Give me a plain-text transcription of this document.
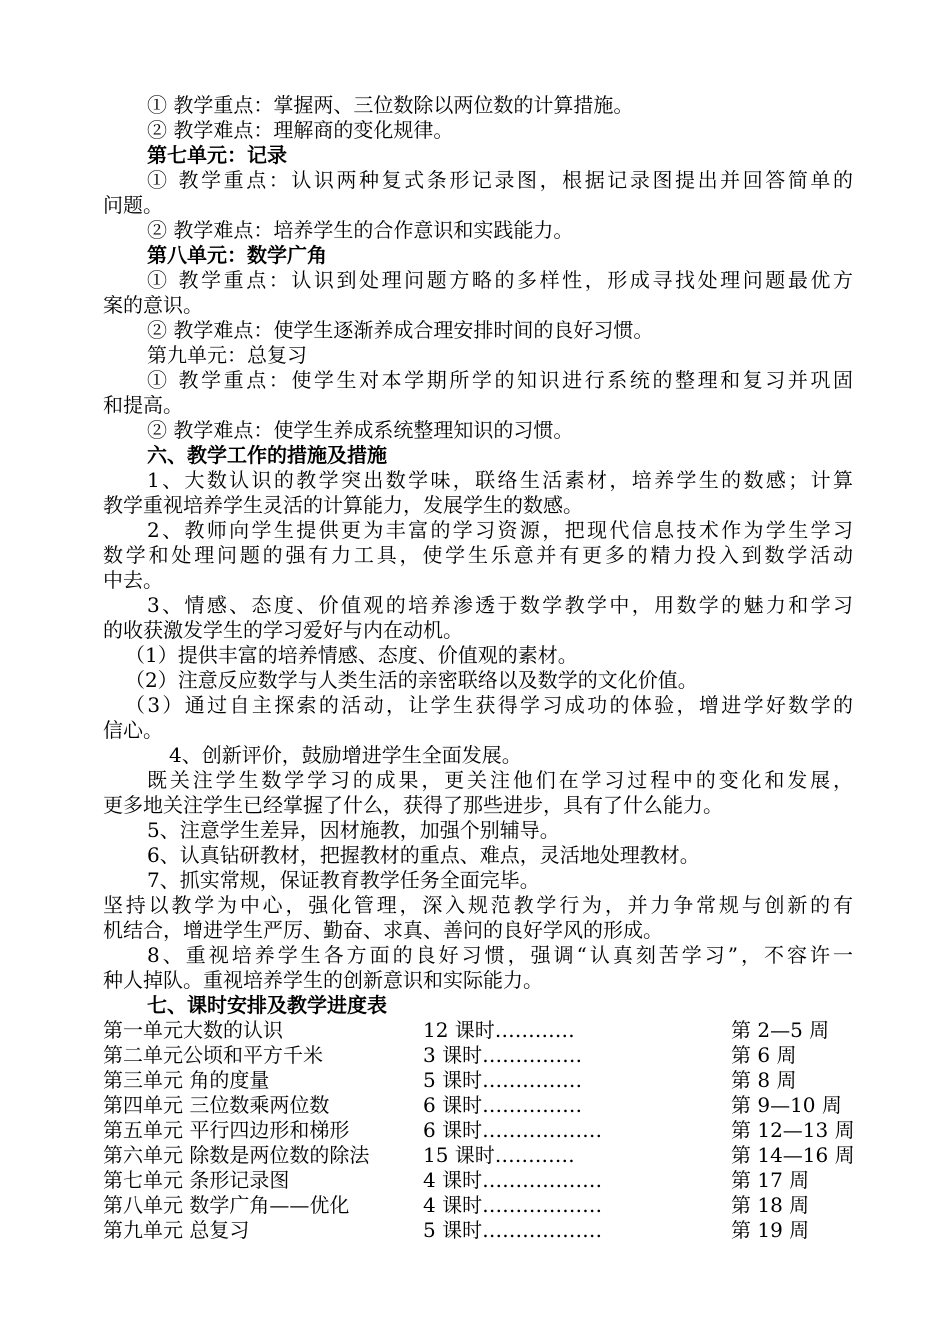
① 教学重点：掌握两、三位数除以两位数的计算措施。
② 教学难点：理解商的变化规律。
第七单元：记录
① 教学重点：认识两种复式条形记录图，根据记录图提出并回答简单的
问题。
② 教学难点：培养学生的合作意识和实践能力。
第八单元：数学广角
① 教学重点：认识到处理问题方略的多样性，形成寻找处理问题最优方
案的意识。
② 教学难点：使学生逐渐养成合理安排时间的良好习惯。
第九单元：总复习
① 教学重点：使学生对本学期所学的知识进行系统的整理和复习并巩固
和提高。
② 教学难点：使学生养成系统整理知识的习惯。
六、教学工作的措施及措施
1、大数认识的教学突出数学味，联络生活素材，培养学生的数感；计算
教学重视培养学生灵活的计算能力，发展学生的数感。
2、教师向学生提供更为丰富的学习资源，把现代信息技术作为学生学习
数学和处理问题的强有力工具，使学生乐意并有更多的精力投入到数学活动
中去。
3、情感、态度、价值观的培养渗透于数学教学中，用数学的魅力和学习
的收获激发学生的学习爱好与内在动机。
（1）提供丰富的培养情感、态度、价值观的素材。
（2）注意反应数学与人类生活的亲密联络以及数学的文化价值。
（3）通过自主探索的活动，让学生获得学习成功的体验，增进学好数学的
信心。
4、创新评价，鼓励增进学生全面发展。
既关注学生数学学习的成果，更关注他们在学习过程中的变化和发展，
更多地关注学生已经掌握了什么，获得了那些进步，具有了什么能力。
5、注意学生差异，因材施教，加强个别辅导。
6、认真钻研教材，把握教材的重点、难点，灵活地处理教材。
7、抓实常规，保证教育教学任务全面完毕。
坚持以教学为中心，强化管理，深入规范教学行为，并力争常规与创新的有
机结合，增进学生严厉、勤奋、求真、善问的良好学风的形成。
8、重视培养学生各方面的良好习惯，强调“认真刻苦学习”，不容许一
种人掉队。重视培养学生的创新意识和实际能力。
七、课时安排及教学进度表
第一单元大数的认识	12 课时…………	第 2—5 周
第二单元公顷和平方千米	3 课时……………	第 6 周
第三单元 角的度量	5 课时……………	第 8 周
第四单元 三位数乘两位数	6 课时……………	第 9—10 周
第五单元 平行四边形和梯形	6 课时………………	第 12—13 周
第六单元 除数是两位数的除法	15 课时…………	第 14—16 周
第七单元 条形记录图	4 课时………………	第 17 周
第八单元 数学广角——优化	4 课时………………	第 18 周
第九单元 总复习	5 课时………………	第 19 周
